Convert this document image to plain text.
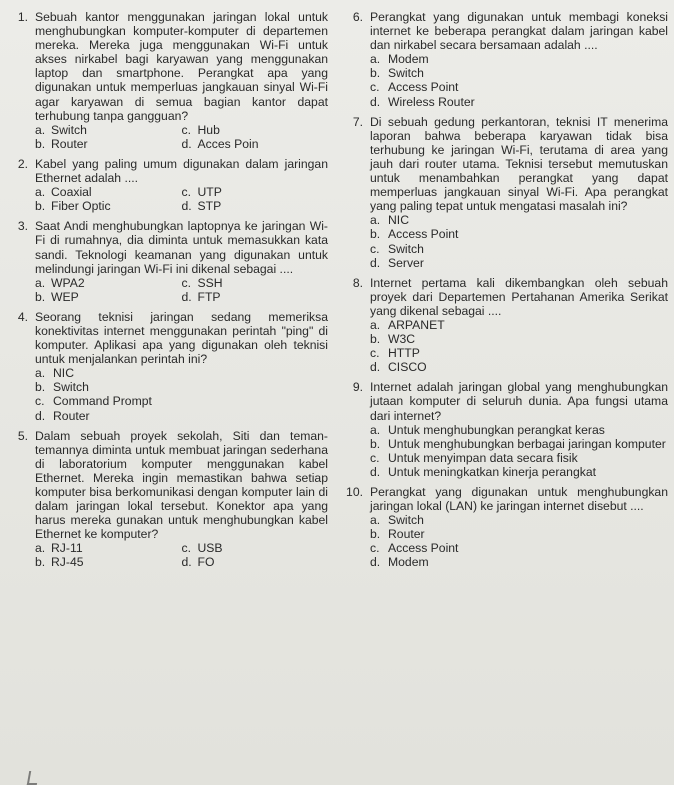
1. Sebuah kantor menggunakan jaringan lokal untuk menghubungkan komputer-komputer di departemen mereka. Mereka juga menggunakan Wi-Fi untuk akses nirkabel bagi karyawan yang menggunakan laptop dan smartphone. Perangkat apa yang digunakan untuk memperluas jangkauan sinyal Wi-Fi agar karyawan di semua bagian kantor dapat terhubung tanpa gangguan?
a. Switch	c. Hub
b. Router	d. Acces Poin
2. Kabel yang paling umum digunakan dalam jaringan Ethernet adalah ....
a. Coaxial	c. UTP
b. Fiber Optic	d. STP
3. Saat Andi menghubungkan laptopnya ke jaringan Wi-Fi di rumahnya, dia diminta untuk memasukkan kata sandi. Teknologi keamanan yang digunakan untuk melindungi jaringan Wi-Fi ini dikenal sebagai ....
a. WPA2	c. SSH
b. WEP	d. FTP
4. Seorang teknisi jaringan sedang memeriksa konektivitas internet menggunakan perintah "ping" di komputer. Aplikasi apa yang digunakan oleh teknisi untuk menjalankan perintah ini?
a. NIC
b. Switch
c. Command Prompt
d. Router
5. Dalam sebuah proyek sekolah, Siti dan teman-temannya diminta untuk membuat jaringan sederhana di laboratorium komputer menggunakan kabel Ethernet. Mereka ingin memastikan bahwa setiap komputer bisa berkomunikasi dengan komputer lain di dalam jaringan lokal tersebut. Konektor apa yang harus mereka gunakan untuk menghubungkan kabel Ethernet ke komputer?
a. RJ-11	c. USB
b. RJ-45	d. FO
6. Perangkat yang digunakan untuk membagi koneksi internet ke beberapa perangkat dalam jaringan kabel dan nirkabel secara bersamaan adalah ....
a. Modem
b. Switch
c. Access Point
d. Wireless Router
7. Di sebuah gedung perkantoran, teknisi IT menerima laporan bahwa beberapa karyawan tidak bisa terhubung ke jaringan Wi-Fi, terutama di area yang jauh dari router utama. Teknisi tersebut memutuskan untuk menambahkan perangkat yang dapat memperluas jangkauan sinyal Wi-Fi. Apa perangkat yang paling tepat untuk mengatasi masalah ini?
a. NIC
b. Access Point
c. Switch
d. Server
8. Internet pertama kali dikembangkan oleh sebuah proyek dari Departemen Pertahanan Amerika Serikat yang dikenal sebagai ....
a. ARPANET
b. W3C
c. HTTP
d. CISCO
9. Internet adalah jaringan global yang menghubungkan jutaan komputer di seluruh dunia. Apa fungsi utama dari internet?
a. Untuk menghubungkan perangkat keras
b. Untuk menghubungkan berbagai jaringan komputer
c. Untuk menyimpan data secara fisik
d. Untuk meningkatkan kinerja perangkat
10. Perangkat yang digunakan untuk menghubungkan jaringan lokal (LAN) ke jaringan internet disebut ....
a. Switch
b. Router
c. Access Point
d. Modem
